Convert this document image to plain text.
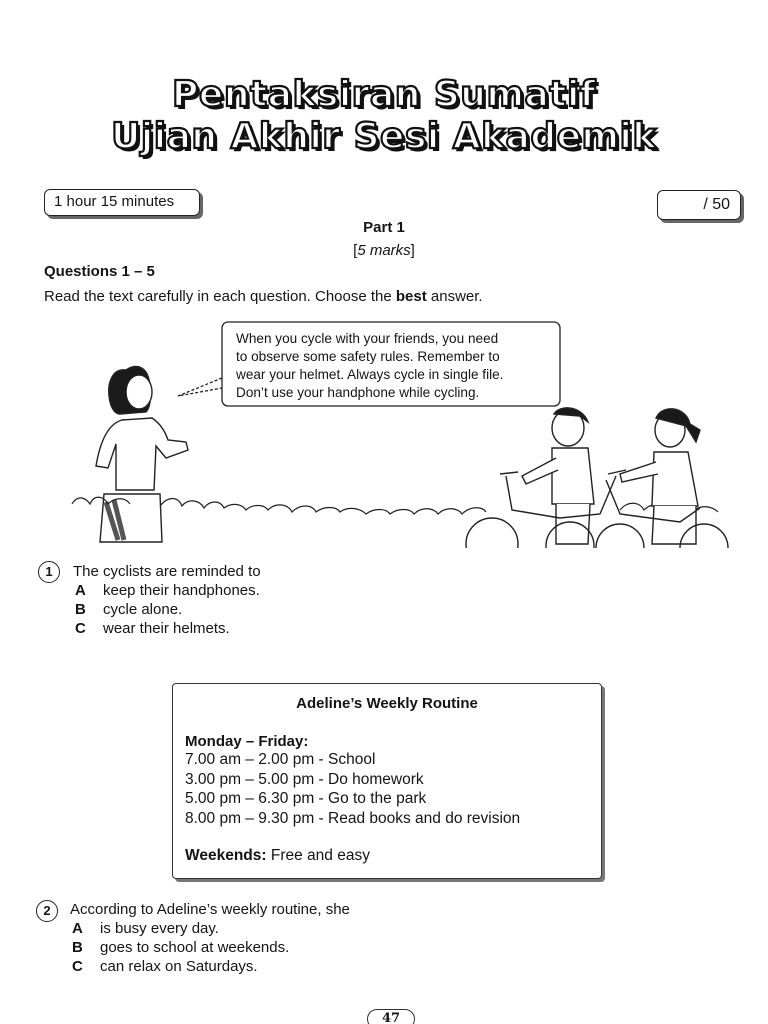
Pentaksiran Sumatif
Ujian Akhir Sesi Akademik
1 hour 15 minutes	/ 50
Part 1
[5 marks]
Questions 1 – 5
Read the text carefully in each question. Choose the best answer.
When you cycle with your friends, you need
to observe some safety rules. Remember to
wear your helmet. Always cycle in single file.
Don’t use your handphone while cycling.
1	The cyclists are reminded to
A keep their handphones.
B cycle alone.
C wear their helmets.
Adeline’s Weekly Routine
Monday – Friday:
7.00 am – 2.00 pm - School
3.00 pm – 5.00 pm - Do homework
5.00 pm – 6.30 pm - Go to the park
8.00 pm – 9.30 pm - Read books and do revision
Weekends: Free and easy
2	According to Adeline’s weekly routine, she
A is busy every day.
B goes to school at weekends.
C can relax on Saturdays.
47
